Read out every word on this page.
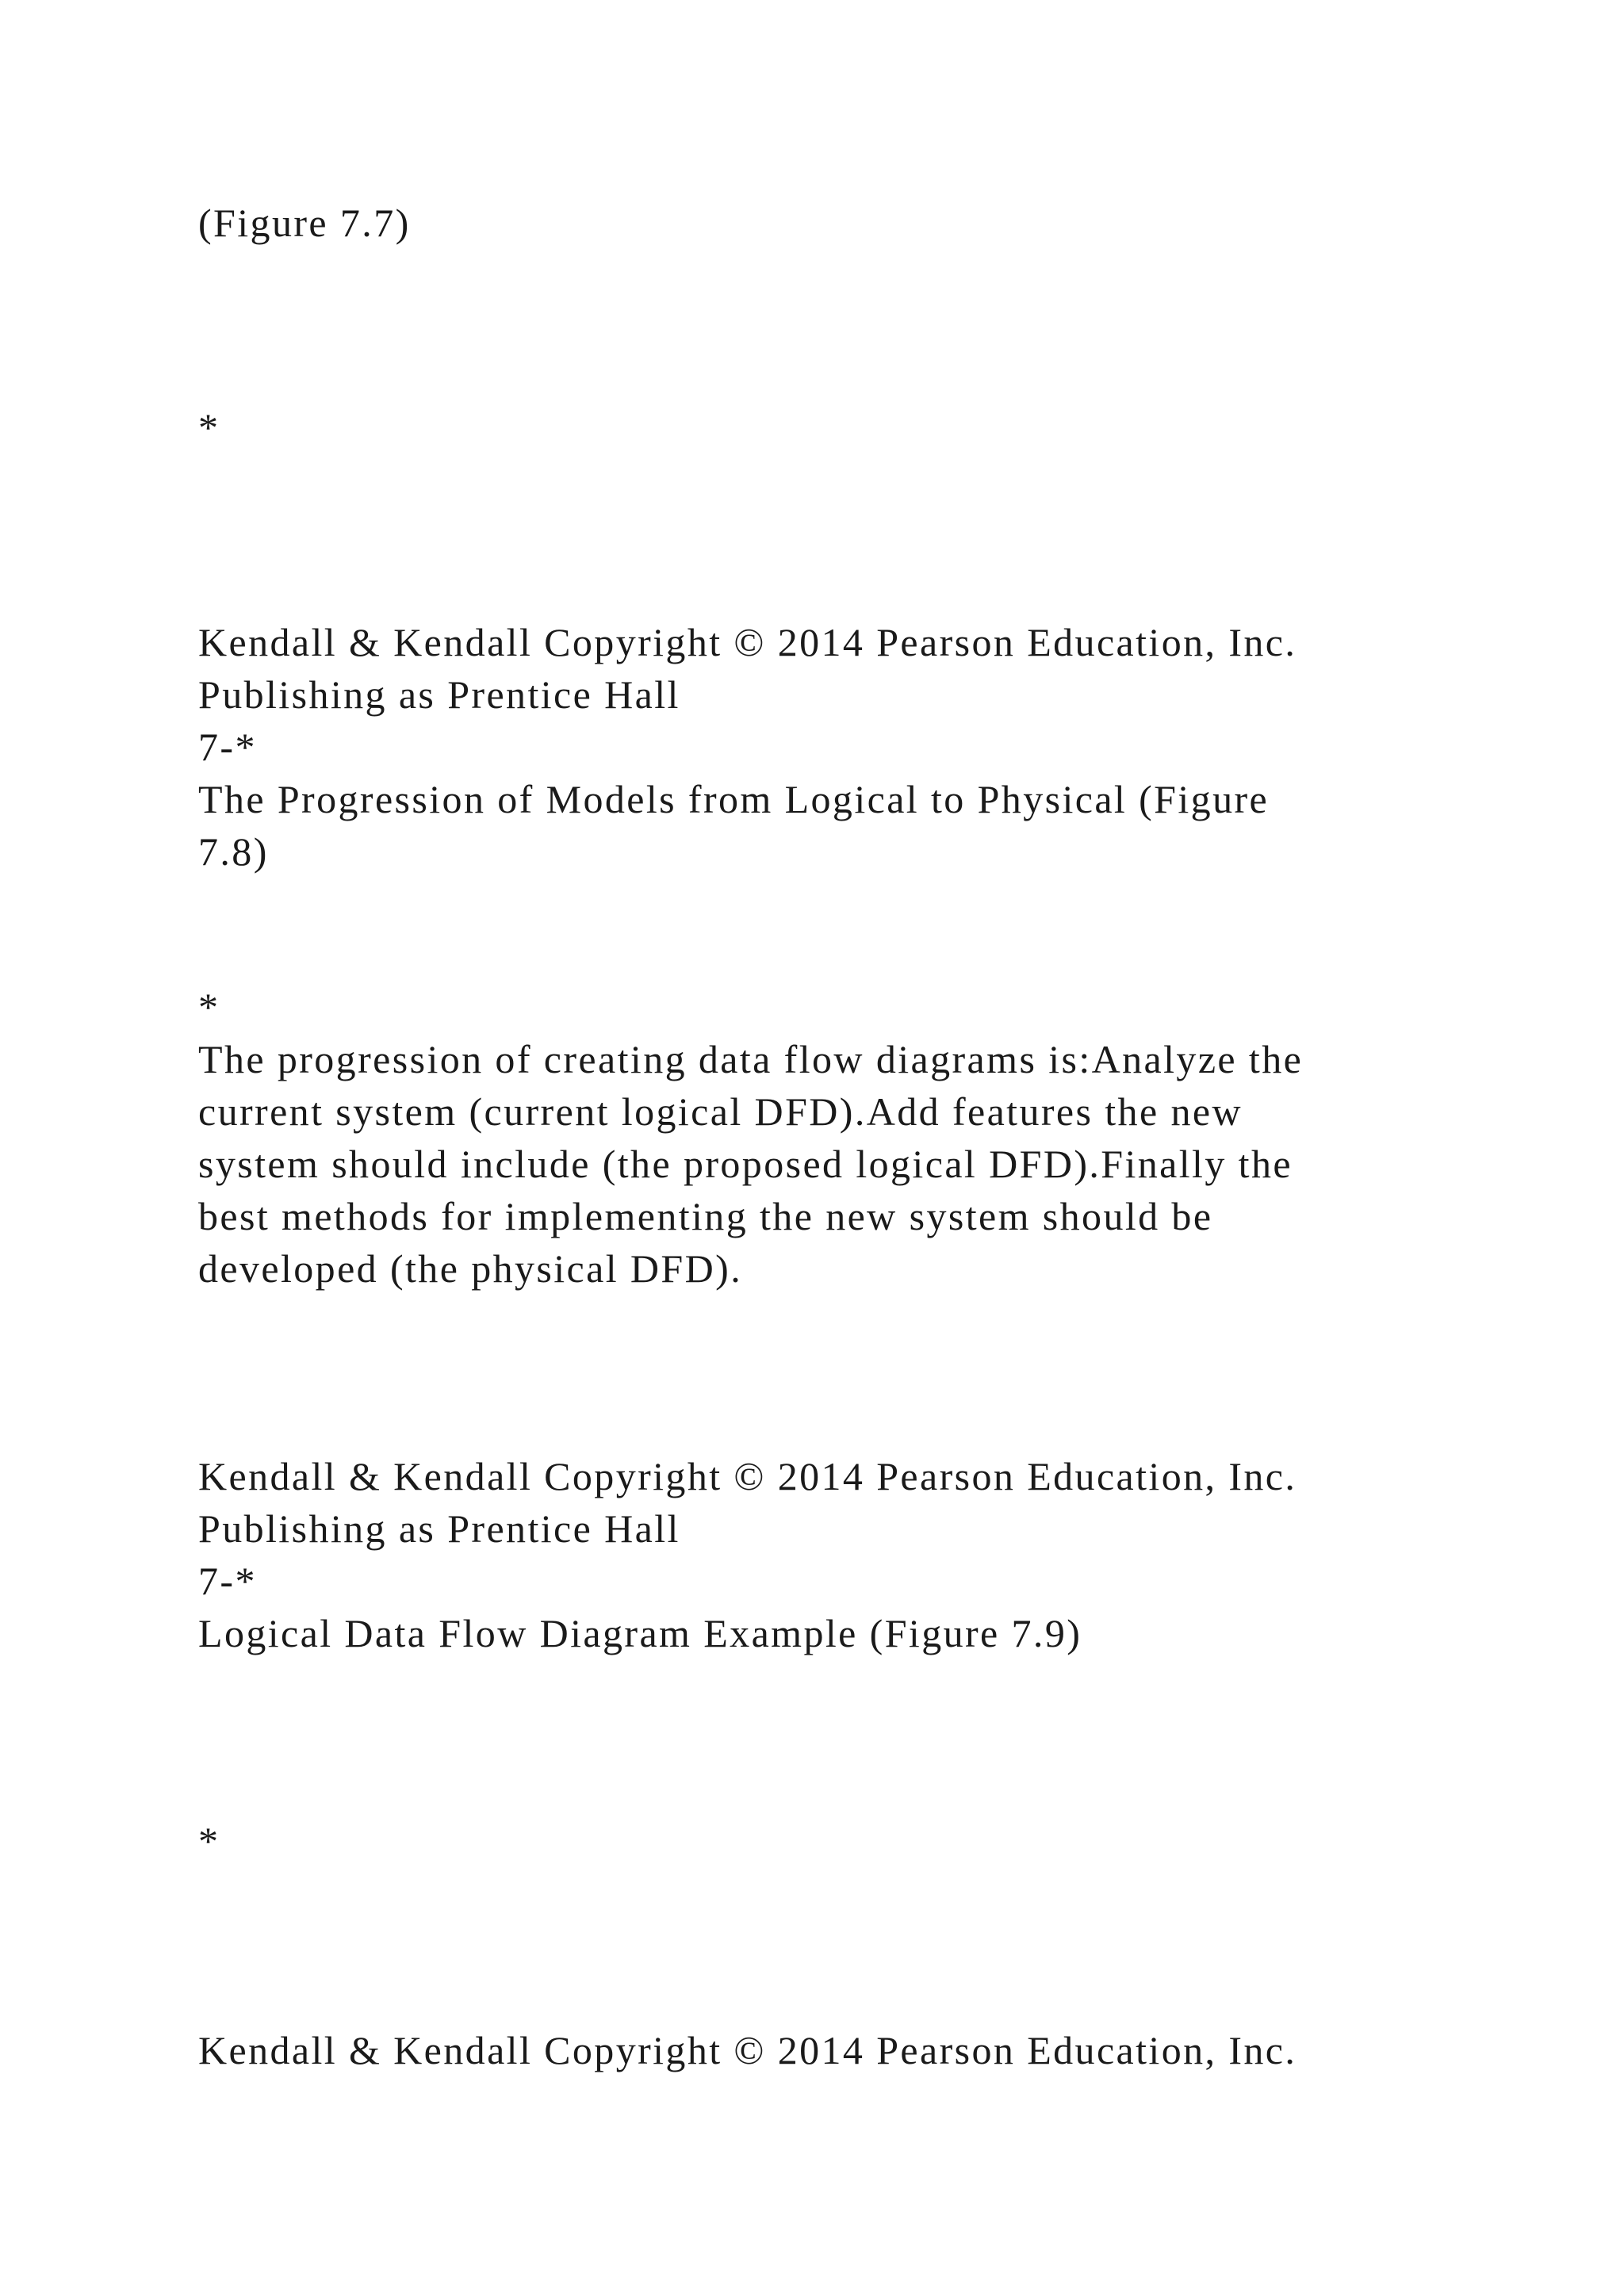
(Figure 7.7)

*

Kendall & Kendall Copyright © 2014 Pearson Education, Inc.

Publishing as Prentice Hall

7-*

The Progression of Models from Logical to Physical (Figure

7.8)

*

The progression of creating data flow diagrams is:Analyze the

current system (current logical DFD).Add features the new

system should include (the proposed logical DFD).Finally the

best methods for implementing the new system should be

developed (the physical DFD).

Kendall & Kendall Copyright © 2014 Pearson Education, Inc.

Publishing as Prentice Hall

7-*

Logical Data Flow Diagram Example (Figure 7.9)

*

Kendall & Kendall Copyright © 2014 Pearson Education, Inc.
